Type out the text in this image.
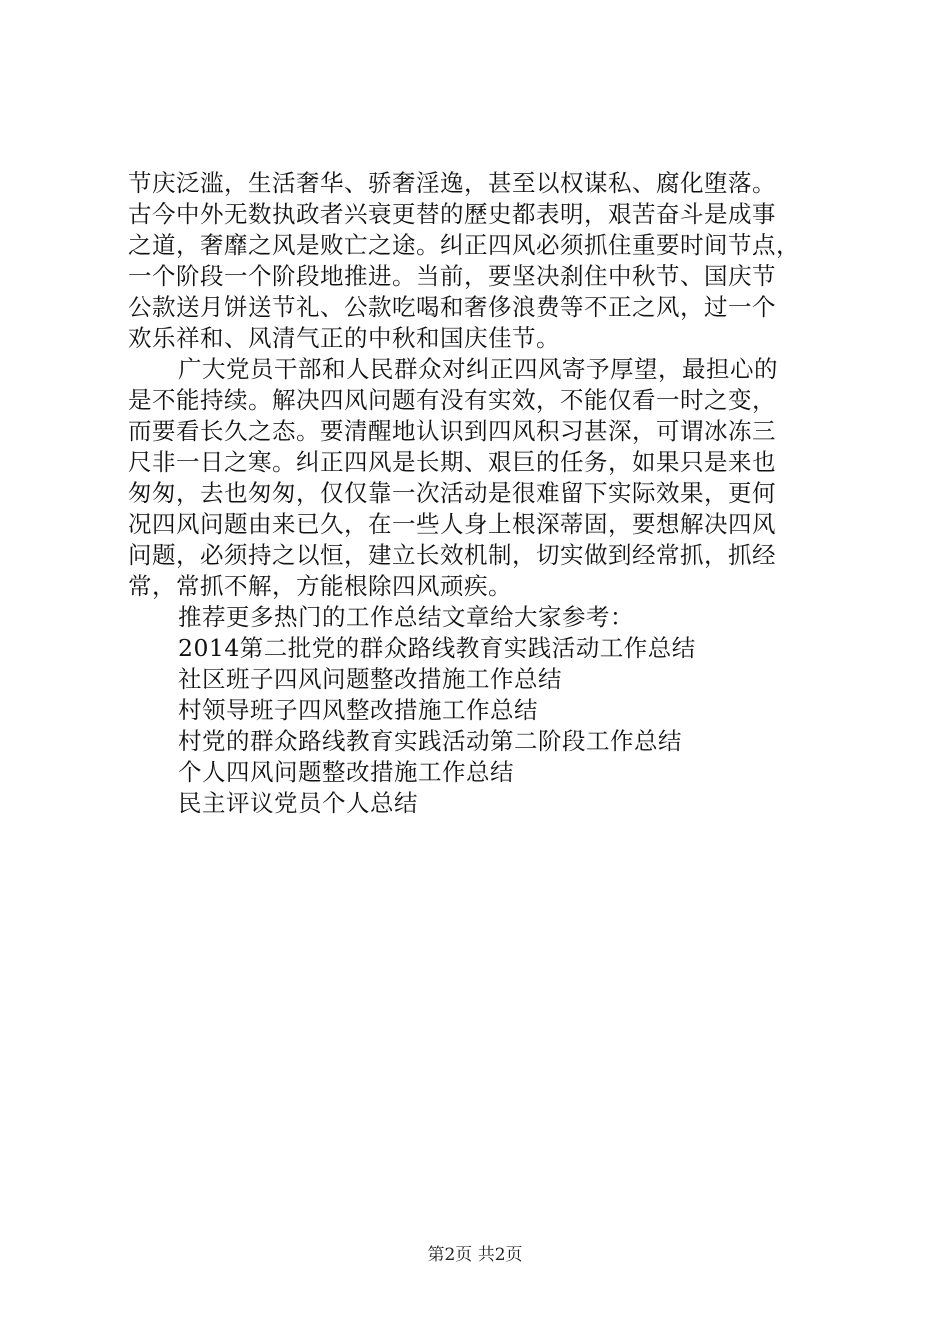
节庆泛滥，生活奢华、骄奢淫逸，甚至以权谋私、腐化堕落。
古今中外无数执政者兴衰更替的歷史都表明，艰苦奋斗是成事
之道，奢靡之风是败亡之途。纠正四风必须抓住重要时间节点，
一个阶段一个阶段地推进。当前，要坚决刹住中秋节、国庆节
公款送月饼送节礼、公款吃喝和奢侈浪费等不正之风，过一个
欢乐祥和、风清气正的中秋和国庆佳节。
广大党员干部和人民群众对纠正四风寄予厚望，最担心的
是不能持续。解决四风问题有没有实效，不能仅看一时之变，
而要看长久之态。要清醒地认识到四风积习甚深，可谓冰冻三
尺非一日之寒。纠正四风是长期、艰巨的任务，如果只是来也
匆匆，去也匆匆，仅仅靠一次活动是很难留下实际效果，更何
况四风问题由来已久，在一些人身上根深蒂固，要想解决四风
问题，必须持之以恒，建立长效机制，切实做到经常抓，抓经
常，常抓不解，方能根除四风顽疾。
推荐更多热门的工作总结文章给大家参考：
2014第二批党的群众路线教育实践活动工作总结
社区班子四风问题整改措施工作总结
村领导班子四风整改措施工作总结
村党的群众路线教育实践活动第二阶段工作总结
个人四风问题整改措施工作总结
民主评议党员个人总结
第2页 共2页
